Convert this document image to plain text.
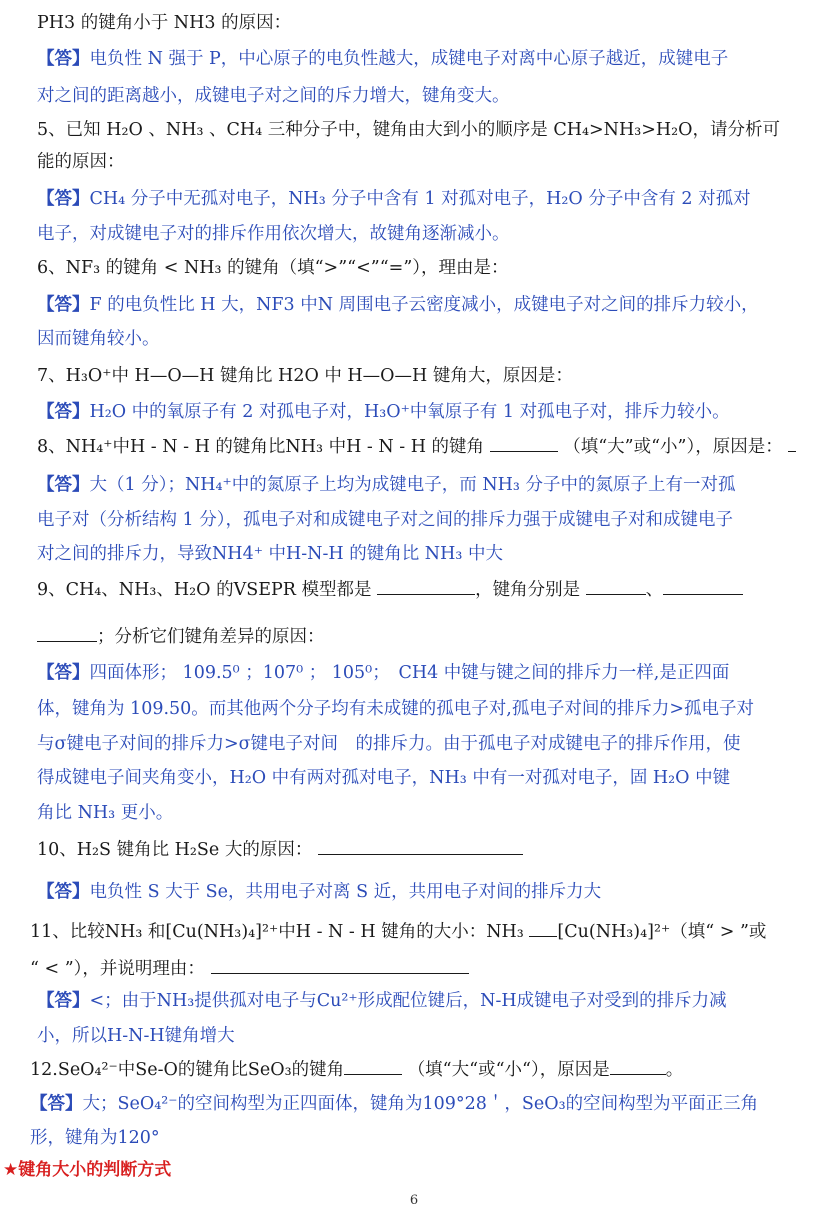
PH3 的键角小于 NH3 的原因：
【答】电负性 N 强于 P，中心原子的电负性越大，成键电子对离中心原子越近，成键电子
对之间的距离越小，成键电子对之间的斥力增大，键角变大。
5、已知 H₂O 、NH₃ 、CH₄ 三种分子中，键角由大到小的顺序是 CH₄>NH₃>H₂O，请分析可
能的原因：
【答】CH₄ 分子中无孤对电子，NH₃ 分子中含有 1 对孤对电子，H₂O 分子中含有 2 对孤对
电子，对成键电子对的排斥作用依次增大，故键角逐渐减小。
6、NF₃ 的键角 < NH₃ 的键角（填“>”“<”“=”），理由是：
【答】F 的电负性比 H 大，NF3 中N 周围电子云密度减小，成键电子对之间的排斥力较小，
因而键角较小。
7、H₃O⁺中 H—O—H 键角比 H2O 中 H—O—H 键角大，原因是：
【答】H₂O 中的氧原子有 2 对孤电子对，H₃O⁺中氧原子有 1 对孤电子对，排斥力较小。
8、NH₄⁺中H - N - H 的键角比NH₃ 中H - N - H 的键角	（填“大”或“小”），原因是：
【答】大（1 分）；NH₄⁺中的氮原子上均为成键电子，而 NH₃ 分子中的氮原子上有一对孤
电子对（分析结构 1 分），孤电子对和成键电子对之间的排斥力强于成键电子对和成键电子
对之间的排斥力，导致NH4⁺ 中H-N-H 的键角比 NH₃ 中大
9、CH₄、NH₃、H₂O 的VSEPR 模型都是	，键角分别是	、
；分析它们键角差异的原因：
【答】四面体形； 109.5⁰ ；107⁰ ； 105⁰；　CH4 中键与键之间的排斥力一样,是正四面
体，键角为 109.50。而其他两个分子均有未成键的孤电子对,孤电子对间的排斥力>孤电子对
与σ键电子对间的排斥力>σ键电子对间　的排斥力。由于孤电子对成键电子的排斥作用，使
得成键电子间夹角变小，H₂O 中有两对孤对电子，NH₃ 中有一对孤对电子，固 H₂O 中键
角比 NH₃ 更小。
10、H₂S 键角比 H₂Se 大的原因：
【答】电负性 S 大于 Se，共用电子对离 S 近，共用电子对间的排斥力大
11、比较NH₃ 和[Cu(NH₃)₄]²⁺中H - N - H 键角的大小：NH₃ [Cu(NH₃)₄]²⁺（填“ > ”或
“ < ”），并说明理由：
【答】<；由于NH₃提供孤对电子与Cu²⁺形成配位键后，N-H成键电子对受到的排斥力减
小，所以H-N-H键角增大
12.SeO₄²⁻中Se-O的键角比SeO₃的键角	（填“大“或“小“），原因是	。
【答】大；SeO₄²⁻的空间构型为正四面体，键角为109°28＇，SeO₃的空间构型为平面正三角
形，键角为120°
★键角大小的判断方式
6
